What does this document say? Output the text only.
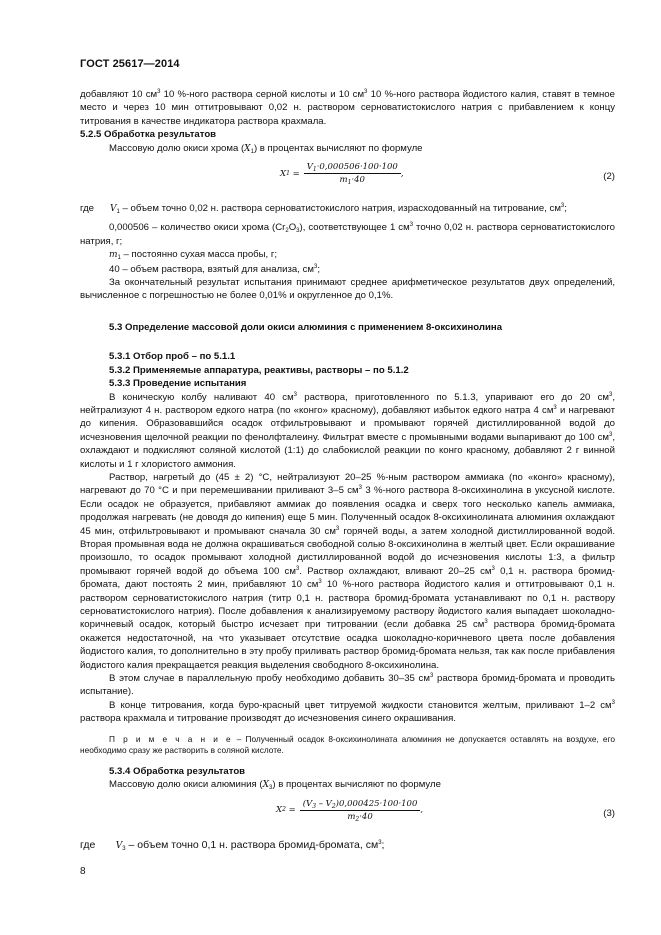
ГОСТ 25617—2014

добавляют 10 $см^3$ 10 %-ного раствора серной кислоты и 10 $см^3$ 10 %-ного раствора йодистого калия, ставят в темное место и через 10 мин оттитровывают 0,02 н. раствором серноватистокислого натрия с прибавлением к концу титрования в качестве индикатора раствора крахмала.

5.2.5 Обработка результатов

Массовую долю окиси хрома $(X_1)$ в процентах вычисляют по формуле

X $1 = \frac{V_1\cdot 0,000506\cdot 100\cdot 100}{m_1\cdot 40}$ ,	(2)

где $V_1$ – объем точно 0,02 н. раствора серноватистокислого натрия, израсходованный на титрование, $см^3$;

0,000506 – количество окиси хрома $(Cr_2O_3)$, соответствующее 1 $см^3$ точно 0,02 н. раствора серноватистокислого натрия, г;

$m_1$ – постоянно сухая масса пробы, г;

40 – объем раствора, взятый для анализа, $см^3$;

За окончательный результат испытания принимают среднее арифметическое результатов двух определений, вычисленное с погрешностью не более 0,01% и округленное до 0,1%.

5.3 Определение массовой доли окиси алюминия с применением 8-оксихинолина
5.3.1 Отбор проб – по 5.1.1
5.3.2 Применяемые аппаратура, реактивы, растворы – по 5.1.2
5.3.3 Проведение испытания

В коническую колбу наливают 40 $см^3$ раствора, приготовленного по 5.1.3, упаривают его до 20 $см^3$, нейтрализуют 4 н. раствором едкого натра (по «конго» красному), добавляют избыток едкого натра 4 $см^3$ и нагревают до кипения. Образовавшийся осадок отфильтровывают и промывают горячей дистиллированной водой до исчезновения щелочной реакции по фенолфталеину. Фильтрат вместе с промывными водами выпаривают до 100 $см^3$, охлаждают и подкисляют соляной кислотой (1:1) до слабокислой реакции по конго красному, добавляют 2 г винной кислоты и 1 г хлористого аммония.

Раствор, нагретый до (45 ± 2) °С, нейтрализуют 20–25 %-ным раствором аммиака (по «конго» красному), нагревают до 70 °С и при перемешивании приливают 3–5 $см^3$ 3 %-ного раствора 8-оксихинолина в уксусной кислоте. Если осадок не образуется, прибавляют аммиак до появления осадка и сверх того несколько капель аммиака, продолжая нагревать (не доводя до кипения) еще 5 мин. Полученный осадок 8-оксихинолината алюминия охлаждают 45 мин, отфильтровывают и промывают сначала 30 $см^3$ горячей воды, а затем холодной дистиллированной водой. Вторая промывная вода не должна окрашиваться свободной солью 8-оксихинолина в желтый цвет. Если окрашивание произошло, то осадок промывают холодной дистиллированной водой до исчезновения кислоты 1:3, а фильтр промывают горячей водой до объема 100 $см^3$. Раствор охлаждают, вливают 20–25 $см^3$ 0,1 н. раствора бромид-бромата, дают постоять 2 мин, прибавляют 10 $см^3$ 10 %-ного раствора йодистого калия и оттитровывают 0,1 н. раствором серноватистокислого натрия (титр 0,1 н. раствора бромид-бромата устанавливают по 0,1 н. раствору серноватистокислого натрия). После добавления к анализируемому раствору йодистого калия выпадает шоколадно-коричневый осадок, который быстро исчезает при титровании (если добавка 25 $см^3$ раствора бромид-бромата окажется недостаточной, на что указывает отсутствие осадка шоколадно-коричневого цвета после добавления йодистого калия, то дополнительно в эту пробу приливать раствор бромид-бромата нельзя, так как после прибавления йодистого калия прекращается реакция выделения свободного 8-оксихинолина.

В этом случае в параллельную пробу необходимо добавить 30–35 $см^3$ раствора бромид-бромата и проводить испытание).

В конце титрования, когда буро-красный цвет титруемой жидкости становится желтым, приливают 1–2 $см^3$ раствора крахмала и титрование производят до исчезновения синего окрашивания.

П р и м е ч а н и е – Полученный осадок 8-оксихинолината алюминия не допускается оставлять на воздухе, его необходимо сразу же растворить в соляной кислоте.

5.3.4 Обработка результатов

Массовую долю окиси алюминия $(X_3)$ в процентах вычисляют по формуле

X $2 = \frac{(V_3 - V_2)0,000425\cdot 100\cdot 100}{m_2\cdot 40}$ ,	(3)

где $V_3$ – объем точно 0,1 н. раствора бромид-бромата, $см^3$;

8
